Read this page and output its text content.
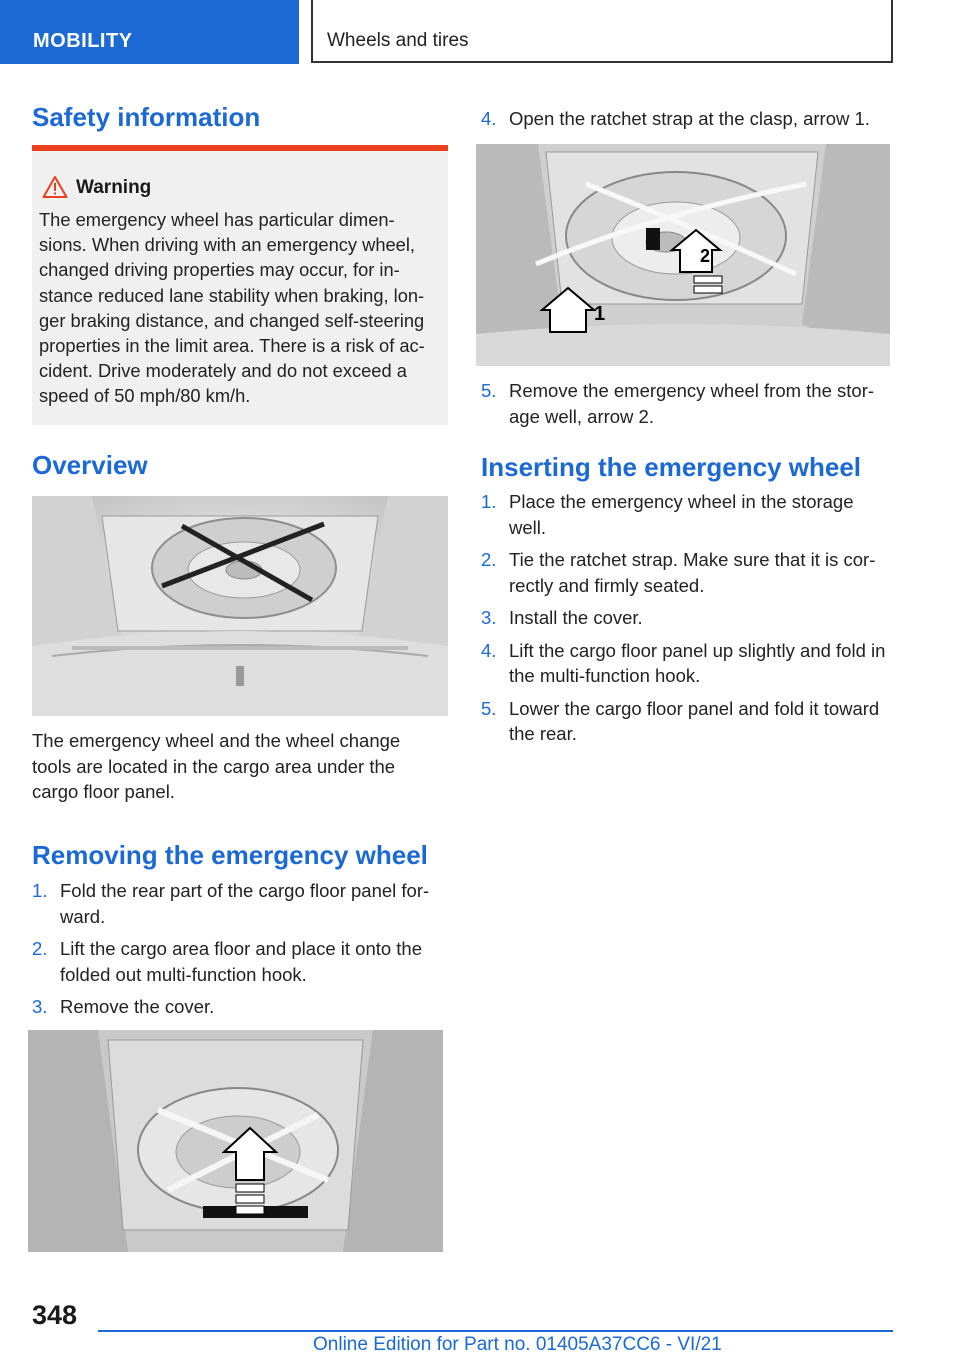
MOBILITY	Wheels and tires
Safety information
Warning
The emergency wheel has particular dimen- sions. When driving with an emergency wheel, changed driving properties may occur, for in- stance reduced lane stability when braking, lon- ger braking distance, and changed self-steering properties in the limit area. There is a risk of ac- cident. Drive moderately and do not exceed a speed of 50 mph/80 km/h.
Overview
The emergency wheel and the wheel change tools are located in the cargo area under the cargo floor panel.
Removing the emergency wheel
1. Fold the rear part of the cargo floor panel for- ward.
2. Lift the cargo area floor and place it onto the folded out multi-function hook.
3. Remove the cover.
4. Open the ratchet strap at the clasp, arrow 1.
1
2
5. Remove the emergency wheel from the stor- age well, arrow 2.
Inserting the emergency wheel
1. Place the emergency wheel in the storage well.
2. Tie the ratchet strap. Make sure that it is cor- rectly and firmly seated.
3. Install the cover.
4. Lift the cargo floor panel up slightly and fold in the multi-function hook.
5. Lower the cargo floor panel and fold it toward the rear.
348
Online Edition for Part no. 01405A37CC6 - VI/21
